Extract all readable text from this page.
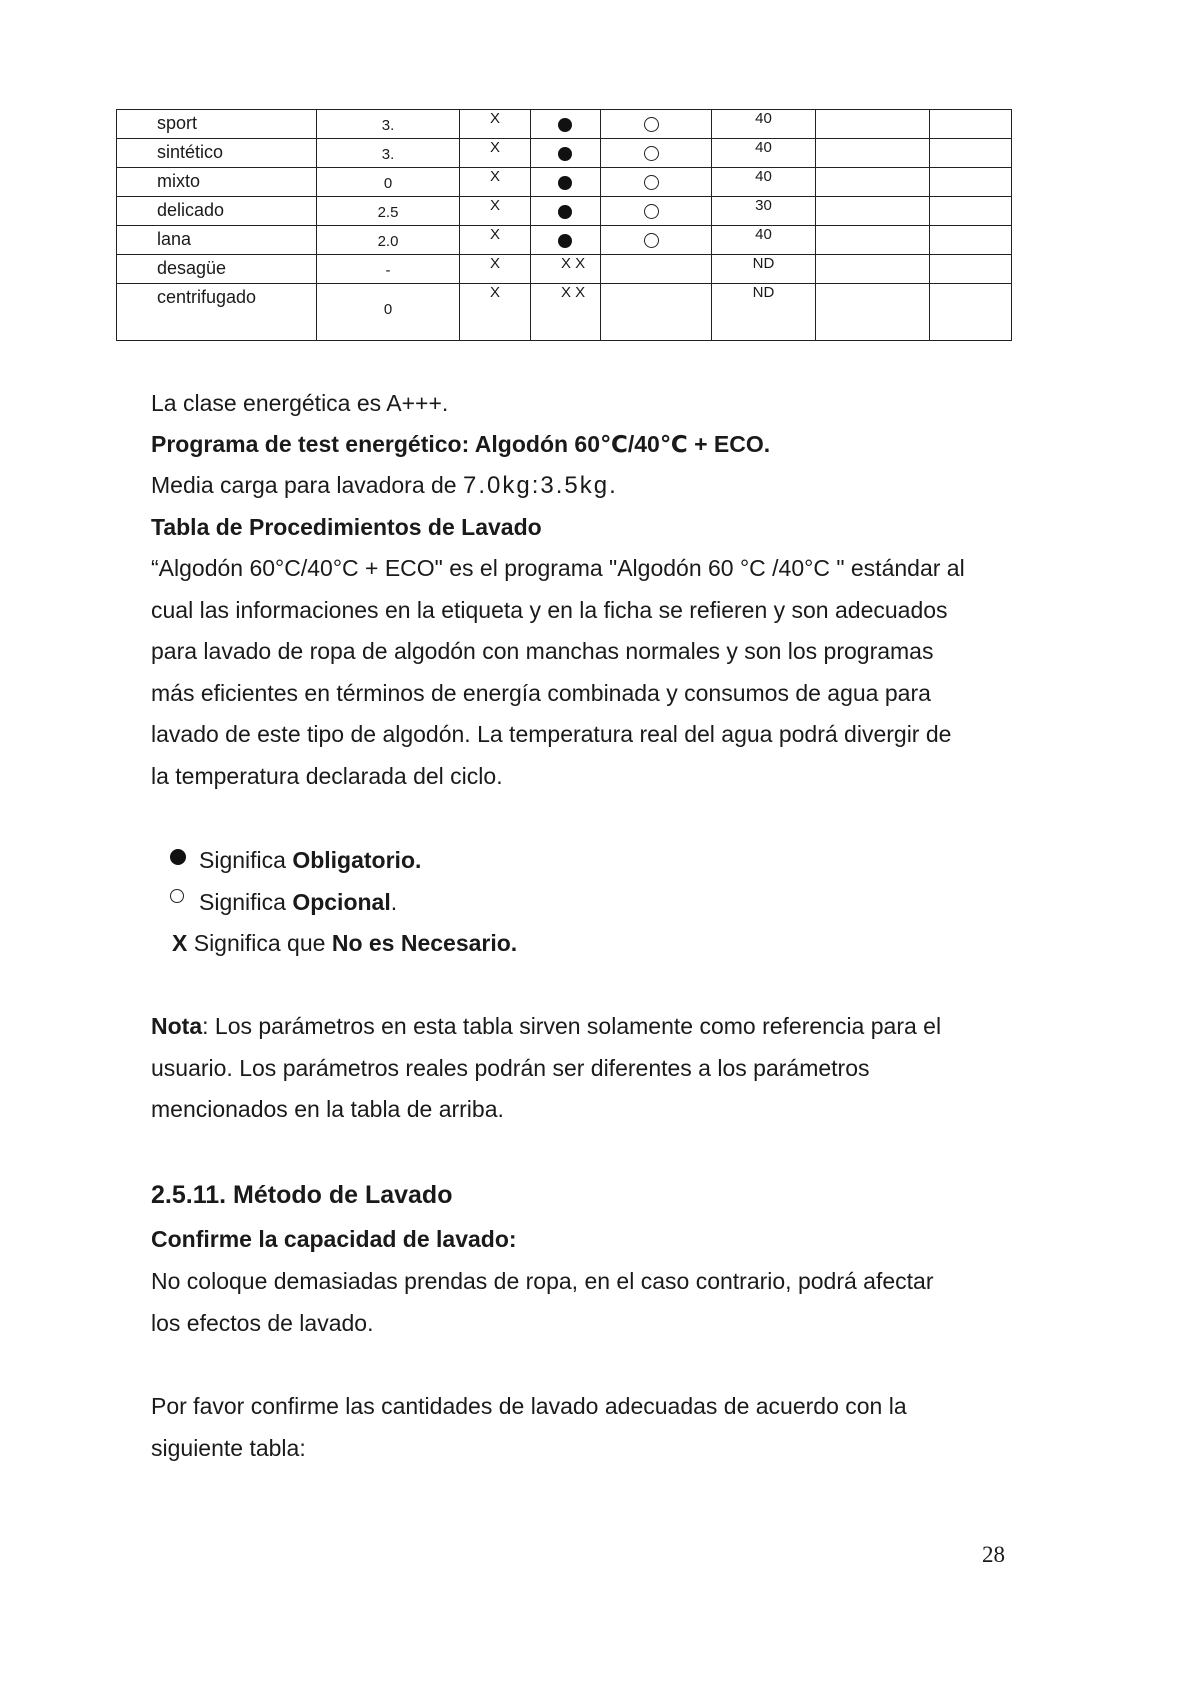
sport	3.	X			40		

sintético	3.	X			40		

mixto	0	X			40		

delicado	2.5	X			30		

lana	2.0	X			40		

desagüe	-	X	X X		ND		

centrifugado	0	X	X X		ND		

La clase energética es A+++.
Programa de test energético: Algodón 60℃/40℃ + ECO.
Media carga para lavadora de 7.0kg:3.5kg.
Tabla de Procedimientos de Lavado
“Algodón 60°C/40°C + ECO" es el programa "Algodón 60 °C /40°C " estándar al
cual las informaciones en la etiqueta y en la ficha se refieren y son adecuados
para lavado de ropa de algodón con manchas normales y son los programas
más eficientes en términos de energía combinada y consumos de agua para
lavado de este tipo de algodón. La temperatura real del agua podrá divergir de
la temperatura declarada del ciclo.
Significa Obligatorio.
Significa Opcional.
X Significa que No es Necesario.
Nota: Los parámetros en esta tabla sirven solamente como referencia para el
usuario. Los parámetros reales podrán ser diferentes a los parámetros
mencionados en la tabla de arriba.
2.5.11. Método de Lavado
Confirme la capacidad de lavado:
No coloque demasiadas prendas de ropa, en el caso contrario, podrá afectar
los efectos de lavado.
Por favor confirme las cantidades de lavado adecuadas de acuerdo con la
siguiente tabla:
28
